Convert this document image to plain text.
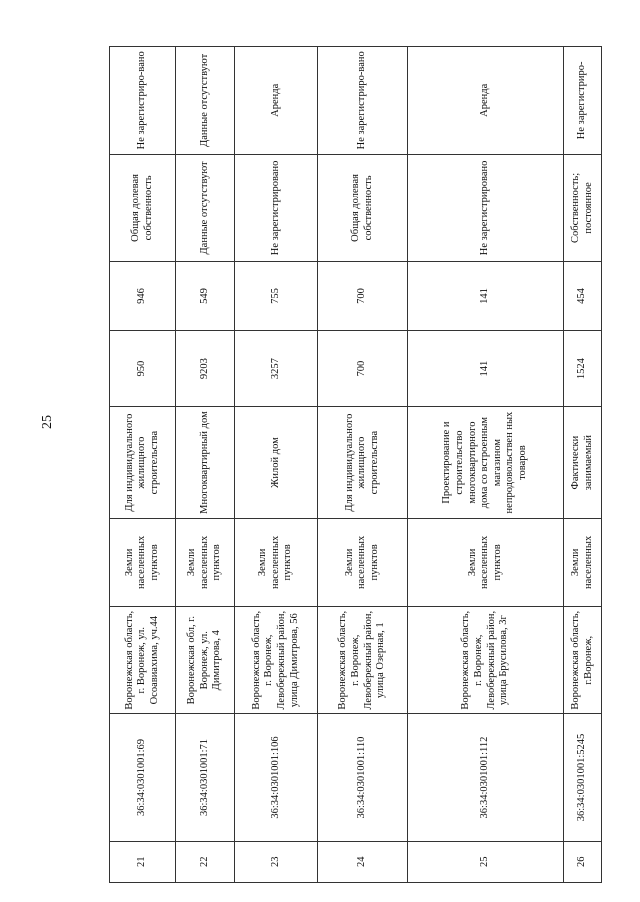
25
21	36:34:0301001:69	Воронежская область, г. Воронеж, ул. Осоавиахима, уч.44	Земли населенных пунктов	Для индивидуального жилищного строительства	950	946	Общая долевая собственность	Не зарегистриро-вано
22	36:34:0301001:71	Воронежская обл, г. Воронеж, ул. Димитрова, 4	Земли населенных пунктов	Многоквартирный дом	9203	549	Данные отсутствуют	Данные отсутствуют
23	36:34:0301001:106	Воронежская область, г. Воронеж, Левобережный район, улица Димитрова, 56	Земли населенных пунктов	Жилой дом	3257	755	Не зарегистрировано	Аренда
24	36:34:0301001:110	Воронежская область, г. Воронеж, Левобережный район, улица Озерная, 1	Земли населенных пунктов	Для индивидуального жилищного строительства	700	700	Общая долевая собственность	Не зарегистриро-вано
25	36:34:0301001:112	Воронежская область, г. Воронеж, Левобережный район, улица Брусилова, 3г	Земли населенных пунктов	Проектирование и строительство многоквартирного дома со встроенным магазином непродовольствен ных товаров	141	141	Не зарегистрировано	Аренда
26	36:34:0301001:5245	Воронежская область, г.Воронеж,	Земли населенных	Фактически занимаемый	1524	454	Собственность; постоянное	Не зарегистриро-
